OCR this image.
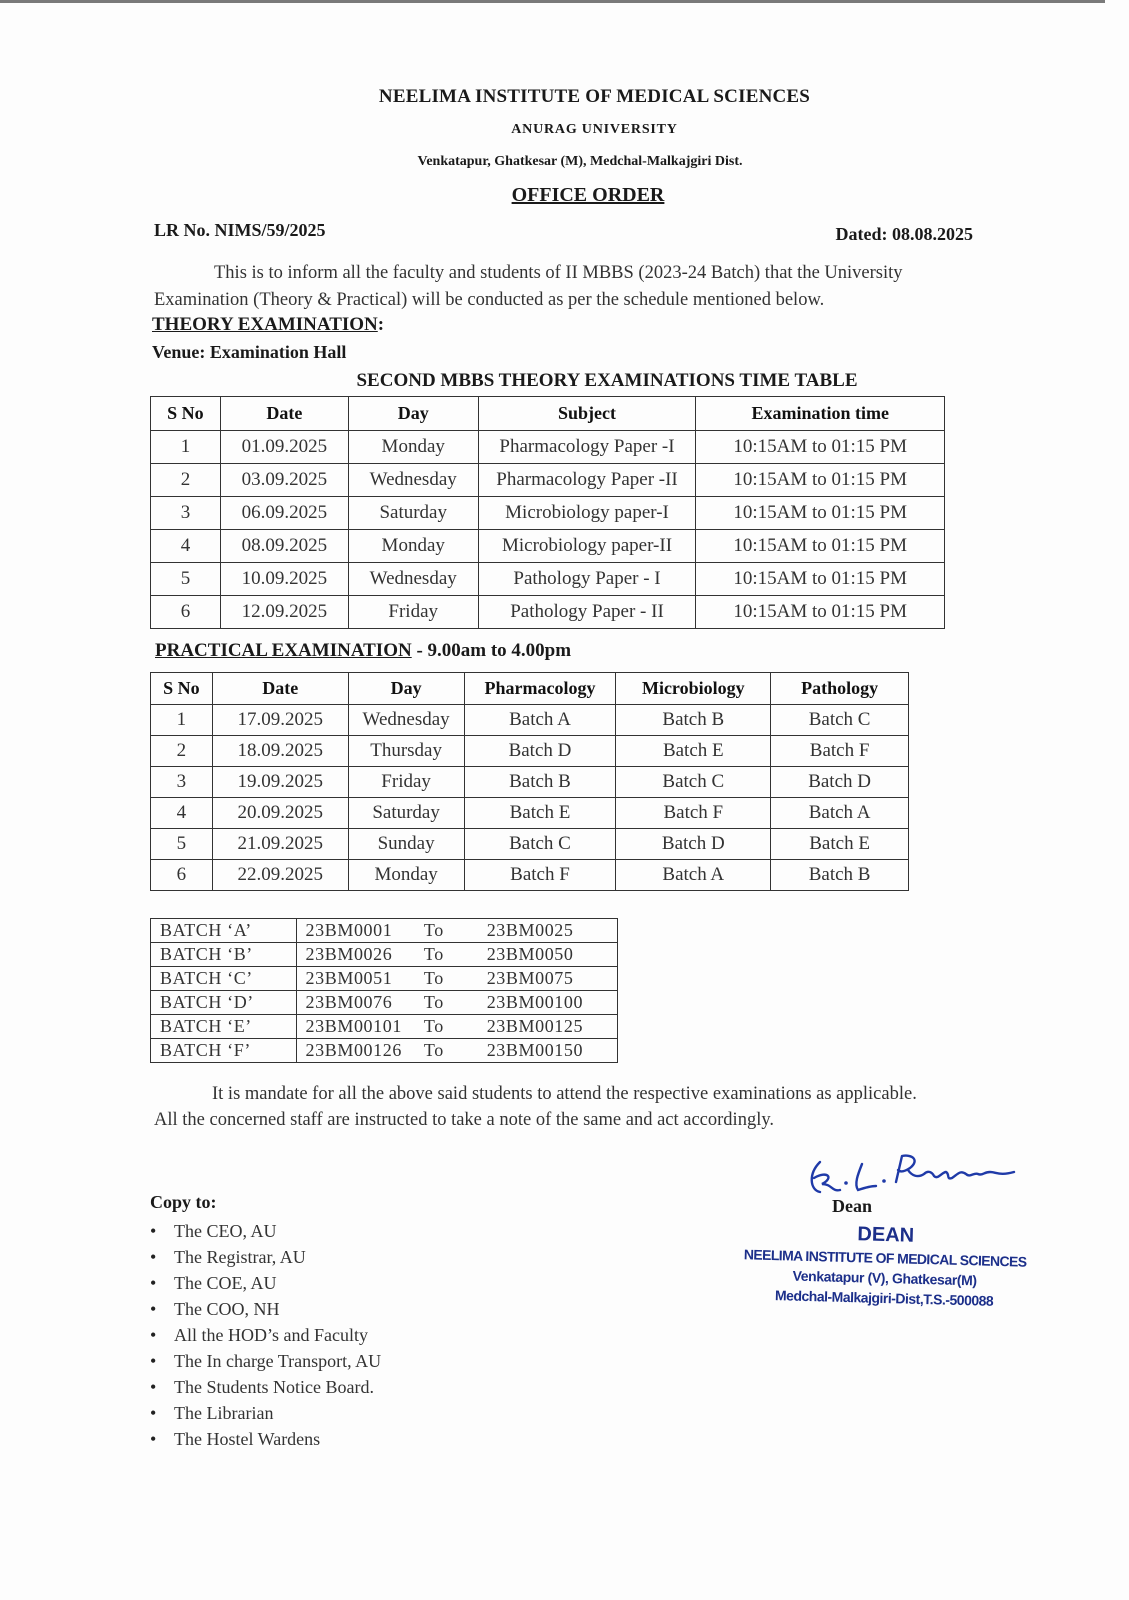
NEELIMA INSTITUTE OF MEDICAL SCIENCES
ANURAG UNIVERSITY
Venkatapur, Ghatkesar (M), Medchal-Malkajgiri Dist.
OFFICE ORDER
LR No. NIMS/59/2025	Dated: 08.08.2025
This is to inform all the faculty and students of II MBBS (2023-24 Batch) that the University
Examination (Theory & Practical) will be conducted as per the schedule mentioned below.
THEORY EXAMINATION:
Venue: Examination Hall
SECOND MBBS THEORY EXAMINATIONS TIME TABLE
S No	Date	Day	Subject	Examination time
1	01.09.2025	Monday	Pharmacology Paper -I	10:15AM to 01:15 PM
2	03.09.2025	Wednesday	Pharmacology Paper -II	10:15AM to 01:15 PM
3	06.09.2025	Saturday	Microbiology paper-I	10:15AM to 01:15 PM
4	08.09.2025	Monday	Microbiology paper-II	10:15AM to 01:15 PM
5	10.09.2025	Wednesday	Pathology Paper - I	10:15AM to 01:15 PM
6	12.09.2025	Friday	Pathology Paper - II	10:15AM to 01:15 PM
PRACTICAL EXAMINATION - 9.00am to 4.00pm
S No	Date	Day	Pharmacology	Microbiology	Pathology
1	17.09.2025	Wednesday	Batch A	Batch B	Batch C
2	18.09.2025	Thursday	Batch D	Batch E	Batch F
3	19.09.2025	Friday	Batch B	Batch C	Batch D
4	20.09.2025	Saturday	Batch E	Batch F	Batch A
5	21.09.2025	Sunday	Batch C	Batch D	Batch E
6	22.09.2025	Monday	Batch F	Batch A	Batch B
BATCH ‘A’	23BM0001	To	23BM0025
BATCH ‘B’	23BM0026	To	23BM0050
BATCH ‘C’	23BM0051	To	23BM0075
BATCH ‘D’	23BM0076	To	23BM00100
BATCH ‘E’	23BM00101	To	23BM00125
BATCH ‘F’	23BM00126	To	23BM00150
It is mandate for all the above said students to attend the respective examinations as applicable.
All the concerned staff are instructed to take a note of the same and act accordingly.
Dean
Copy to:
• The CEO, AU
• The Registrar, AU
• The COE, AU
• The COO, NH
• All the HOD’s and Faculty
• The In charge Transport, AU
• The Students Notice Board.
• The Librarian
• The Hostel Wardens
DEAN
NEELIMA INSTITUTE OF MEDICAL SCIENCES
Venkatapur (V), Ghatkesar(M)
Medchal-Malkajgiri-Dist,T.S.-500088
